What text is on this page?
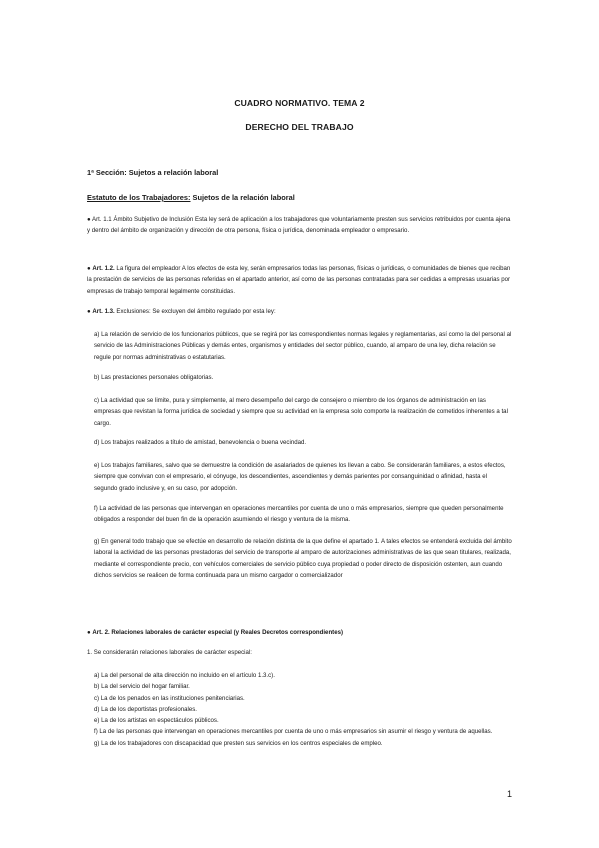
CUADRO NORMATIVO. TEMA 2
DERECHO DEL TRABAJO
1ª Sección: Sujetos a relación laboral
Estatuto de los Trabajadores: Sujetos de la relación laboral
● Art. 1.1 Ámbito Subjetivo de Inclusión Esta ley será de aplicación a los trabajadores que voluntariamente presten sus servicios retribuidos por cuenta ajena y dentro del ámbito de organización y dirección de otra persona, física o jurídica, denominada empleador o empresario.
● Art. 1.2. La figura del empleador A los efectos de esta ley, serán empresarios todas las personas, físicas o jurídicas, o comunidades de bienes que reciban la prestación de servicios de las personas referidas en el apartado anterior, así como de las personas contratadas para ser cedidas a empresas usuarias por empresas de trabajo temporal legalmente constituidas.
● Art. 1.3. Exclusiones: Se excluyen del ámbito regulado por esta ley:
a) La relación de servicio de los funcionarios públicos, que se regirá por las correspondientes normas legales y reglamentarias, así como la del personal al servicio de las Administraciones Públicas y demás entes, organismos y entidades del sector público, cuando, al amparo de una ley, dicha relación se regule por normas administrativas o estatutarias.
b) Las prestaciones personales obligatorias.
c) La actividad que se limite, pura y simplemente, al mero desempeño del cargo de consejero o miembro de los órganos de administración en las empresas que revistan la forma jurídica de sociedad y siempre que su actividad en la empresa solo comporte la realización de cometidos inherentes a tal cargo.
d) Los trabajos realizados a título de amistad, benevolencia o buena vecindad.
e) Los trabajos familiares, salvo que se demuestre la condición de asalariados de quienes los llevan a cabo. Se considerarán familiares, a estos efectos, siempre que convivan con el empresario, el cónyuge, los descendientes, ascendientes y demás parientes por consanguinidad o afinidad, hasta el segundo grado inclusive y, en su caso, por adopción.
f) La actividad de las personas que intervengan en operaciones mercantiles por cuenta de uno o más empresarios, siempre que queden personalmente obligados a responder del buen fin de la operación asumiendo el riesgo y ventura de la misma.
g) En general todo trabajo que se efectúe en desarrollo de relación distinta de la que define el apartado 1. A tales efectos se entenderá excluida del ámbito laboral la actividad de las personas prestadoras del servicio de transporte al amparo de autorizaciones administrativas de las que sean titulares, realizada, mediante el correspondiente precio, con vehículos comerciales de servicio público cuya propiedad o poder directo de disposición ostenten, aun cuando dichos servicios se realicen de forma continuada para un mismo cargador o comercializador
● Art. 2. Relaciones laborales de carácter especial (y Reales Decretos correspondientes)
1. Se considerarán relaciones laborales de carácter especial:
a) La del personal de alta dirección no incluido en el artículo 1.3.c).
b) La del servicio del hogar familiar.
c) La de los penados en las instituciones penitenciarias.
d) La de los deportistas profesionales.
e) La de los artistas en espectáculos públicos.
f) La de las personas que intervengan en operaciones mercantiles por cuenta de uno o más empresarios sin asumir el riesgo y ventura de aquellas.
g) La de los trabajadores con discapacidad que presten sus servicios en los centros especiales de empleo.
1
